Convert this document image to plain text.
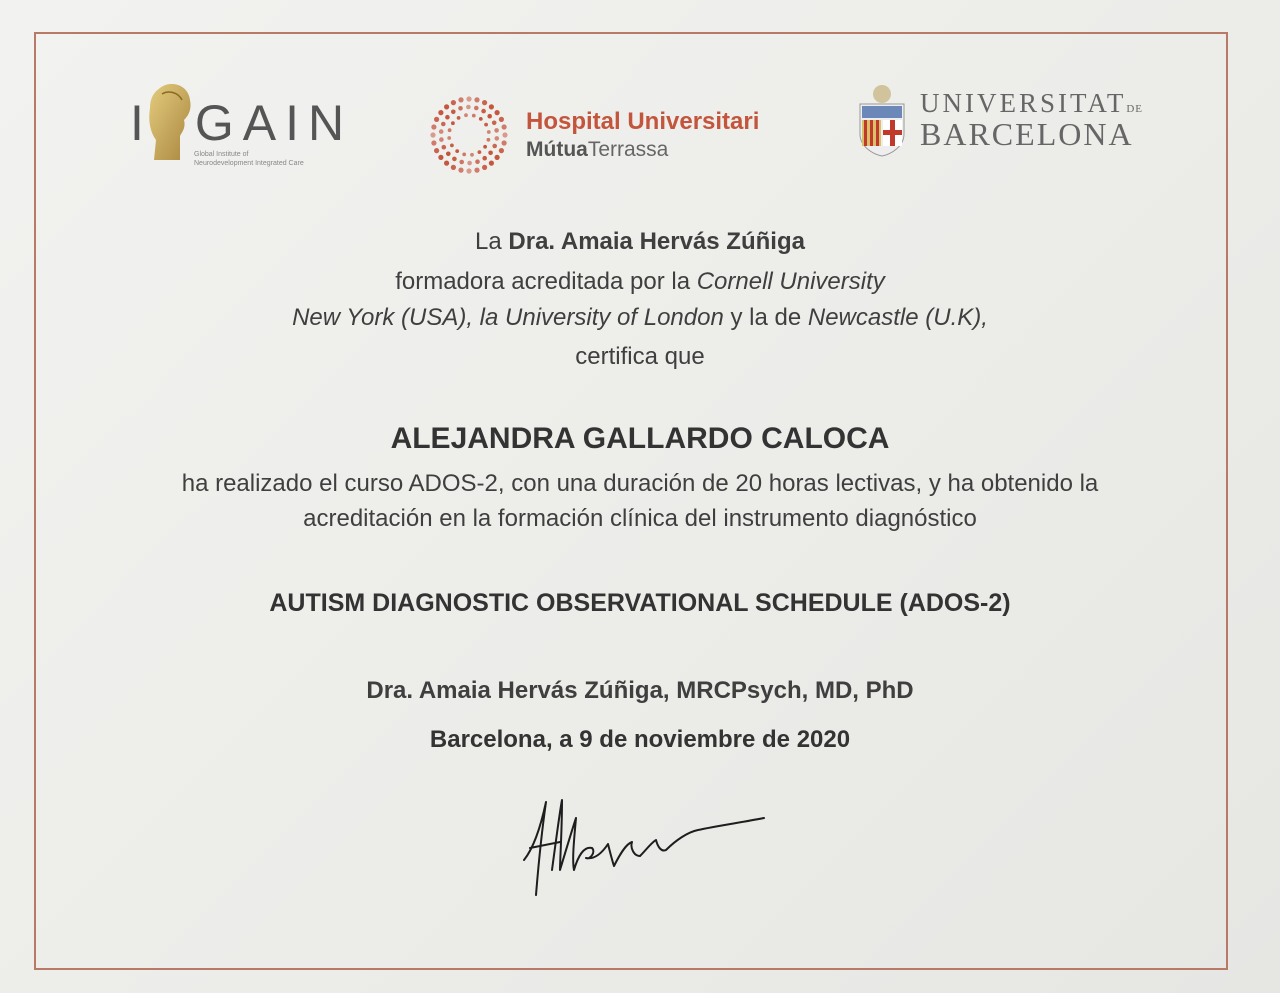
I GAIN
Global Institute of
Neurodevelopment Integrated Care
Hospital Universitari
MútuaTerrassa
UNIVERSITATDE
BARCELONA
La Dra. Amaia Hervás Zúñiga
formadora acreditada por la Cornell University
New York (USA), la University of London y la de Newcastle (U.K),
certifica que
ALEJANDRA GALLARDO CALOCA
ha realizado el curso ADOS-2, con una duración de 20 horas lectivas, y ha obtenido la
acreditación en la formación clínica del instrumento diagnóstico
AUTISM DIAGNOSTIC OBSERVATIONAL SCHEDULE (ADOS-2)
Dra. Amaia Hervás Zúñiga, MRCPsych, MD, PhD
Barcelona, a 9 de noviembre de 2020
